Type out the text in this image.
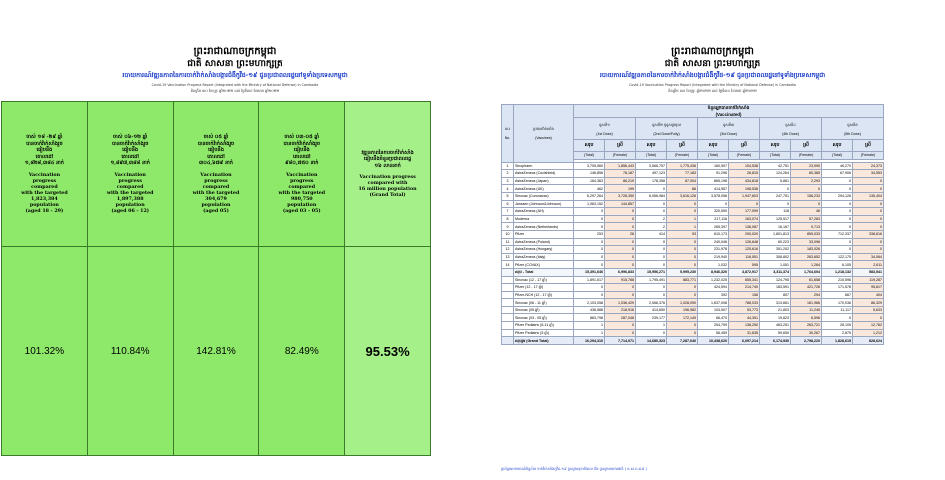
ព្រះរាជាណាចក្រកម្ពុជា
ជាតិ សាសនា ព្រះមហាក្សត្រ
របាយការណ៍វឌ្ឍនភាពនៃការចាក់វ៉ាក់សាំងបង្ការជំងឺកូវីដ-១៩ ជូនប្រជាពលរដ្ឋនៅទូទាំងប្រទេសកម្ពុជា
Covid-19 Vaccination Progress Report (Integrated with the Ministry of National Defense) in Cambodia
គិតត្រឹម ៣០ ខែកុម្ភៈ ឆ្នាំ២០២២ ដល់ ថ្ងៃទី៣០ ខែមករា ឆ្នាំ២០២២
ចាស់ ១៨ -២៩ ឆ្នាំ
បានចាក់វ៉ាក់សាំងរួច
ធៀបនឹង
គោលដៅ
១,៨២៨,៣៨៤ នាក់
Vaccination
progress
compared
with the targeted
1,823,384
population
(aged 18 - 29)
101.32%
ចាស់ ០៦-១២ ឆ្នាំ
បានចាក់វ៉ាក់សាំងរួច
ធៀបនឹង
គោលដៅ
១,៨៩៧,៣៨៨ នាក់
Vaccination
progress
compared
with the targeted
1,897,388
population
(aged 06 - 12)
110.84%
ចាស់ ០៥ ឆ្នាំ
បានចាក់វ៉ាក់សាំងរួច
ធៀបនឹង
គោលដៅ
៣០៤,៦៧៩ នាក់
Vaccination
progress
compared
with the targeted
304,679
population
(aged 05)
142.81%
ចាស់ ០៣-០៥ ឆ្នាំ
បានចាក់វ៉ាក់សាំងរួច
ធៀបនឹង
គោលដៅ
៩៨០,៧៥០ នាក់
Vaccination
progress
compared
with the targeted
980,750
population
(aged 03 - 05)
82.49%
វឌ្ឍនភាពនៃការចាក់វ៉ាក់សាំង
ធៀបនឹងចំនួនប្រជាពលរដ្ឋ
១៦ លាននាក់
Vaccination progress
compared with
16 million population
(Grand Total)
95.53%
ព្រះរាជាណាចក្រកម្ពុជា
ជាតិ សាសនា ព្រះមហាក្សត្រ
របាយការណ៍វឌ្ឍនភាពនៃការចាក់វ៉ាក់សាំងបង្ការជំងឺកូវីដ-១៩ ជូនប្រជាពលរដ្ឋនៅទូទាំងប្រទេសកម្ពុជា
Covid-19 Vaccination Progress Report (Integrated with the Ministry of National Defense) in Cambodia
គិតត្រឹម ៣០ ខែកុម្ភៈ ឆ្នាំ២០២២ ដល់ ថ្ងៃទី៣០ ខែមករា ឆ្នាំ២០២២
ល.រ

No.	ប្រភេទវ៉ាក់សាំង

(Vaccines)	ចំនួនអ្នកបានចាក់វ៉ាក់សាំង
(Vaccinated)									
		ដូសទី១

(1st Dose)		ដូសទី២ ឬដូសប្រមូល

(2nd Dose/Fully)		ដូសទី៣

(3rd Dose)		ដូសទី៤

(4th Dose)		ដូសទី៥

(5th Dose)	
		សរុប	ស្រី	សរុប	ស្រី	សរុប	ស្រី	សរុប	ស្រី	សរុប	ស្រី
		(Total)	(Female)	(Total)	(Female)	(Total)	(Female)	(Total)	(Female)	(Total)	(Female)

1	Sinopharm	3,705,560	1,856,443	3,566,757	1,775,436	160,597	104,538	42,751	23,990	46,270	24,373
2	AstraZeneca (Covishield)	146,856	76,187	497,123	77,183	91,296	26,815	124,264	60,385	67,906	34,553
3	AstraZeneca (Japan)	164,363	86,219	178,358	87,004	865,198	434,818	5,861	2,293	0	0
4	AstraZeneca (UK)	462	199	0	86	414,557	198,536	0	0	0	0
5	Sinovac (Coronavac)	6,297,264	3,728,350	6,066,984	3,616,126	3,578,058	1,947,603	247,751	156,233	294,126	135,404
6	Janssen (Johnson&Johnson)	1,063,152	144,857	0	0	0	0	0	0	0	0
7	AstraZeneca (AH)	0	0	0	0	320,590	177,099	118	46	0	0
8	Moderna	0	0	2	1	217,116	163,074	125,517	57,283	0	0
9	AstraZeneca (Netherlands)	0	0	2	1	265,397	136,087	16,167	9,713	0	0
10	Pfizer	253	28	414	93	610,173	290,020	1,801,813	859,033	712,337	338,616
11	AstraZeneca (Poland)	0	0	0	0	240,046	126,648	60,223	33,096	0	0
12	AstraZeneca (Hungary)	0	0	0	0	231,978	125,616	351,202	183,026	0	0
13	AstraZeneca (Italy)	0	0	0	0	219,940	116,551	308,802	263,652	122,175	34,064
14	Pfizer (COVAX)	0	0	0	0	1,032	595	1,051	1,264	6,105	2,611
	សរុប - Total	15,391,646	6,996,833	15,956,271	5,995,230	8,946,320	3,872,917	3,311,374	1,764,604	1,218,132	583,541
	Sinovac (12 - 17 ឆ្នាំ)	1,891,517	915,788	1,795,491	883,771	1,232,025	655,341	124,795	61,658	210,596	119,287
	Pfizer (12 - 17 ឆ្នាំ)	0	0	0	0	424,594	214,740	183,591	421,726	171,578	95,817
	Pfizer-NCH (12 - 17 ឆ្នាំ)	0	0	0	0	392	156	807	294	667	404
	Sinovac (06 - 11 ឆ្នាំ)	2,103,058	1,036,429	2,066,376	1,028,090	1,637,008	788,033	313,661	161,966	170,036	86,329
	Sinovac (05 ឆ្នាំ)	436,588	218,916	414,650	196,982	103,507	53,773	21,803	11,245	11,117	5,633
	Sinovac (03 - 05 ឆ្នាំ)	883,798	287,048	239,177	172,149	66,470	44,351	19,823	6,596	0	0
	Pfizer Pediatric (6-11 ឆ្នាំ)	1	0	1	0	254,799	138,250	463,251	263,721	28,105	12,762
	Pfizer Pediatric (5 ឆ្នាំ)	1	0	0	0	56,459	31,635	59,650	30,267	2,875	1,212
	សរុបរួម (Grand Total)	16,294,310	7,714,071	14,680,323	7,287,040	10,438,620	6,097,214	6,174,930	2,798,220	1,828,615	828,624
ប្រព័ន្ធរបាយការណ៍ទិន្នន័យ ចាក់វ៉ាក់សាំងកូវីដ-១៩ ក្រសួងសុខាភិបាល និង ក្រសួងការពារជាតិ ( គ.ស.ក.ជ.ជ )
